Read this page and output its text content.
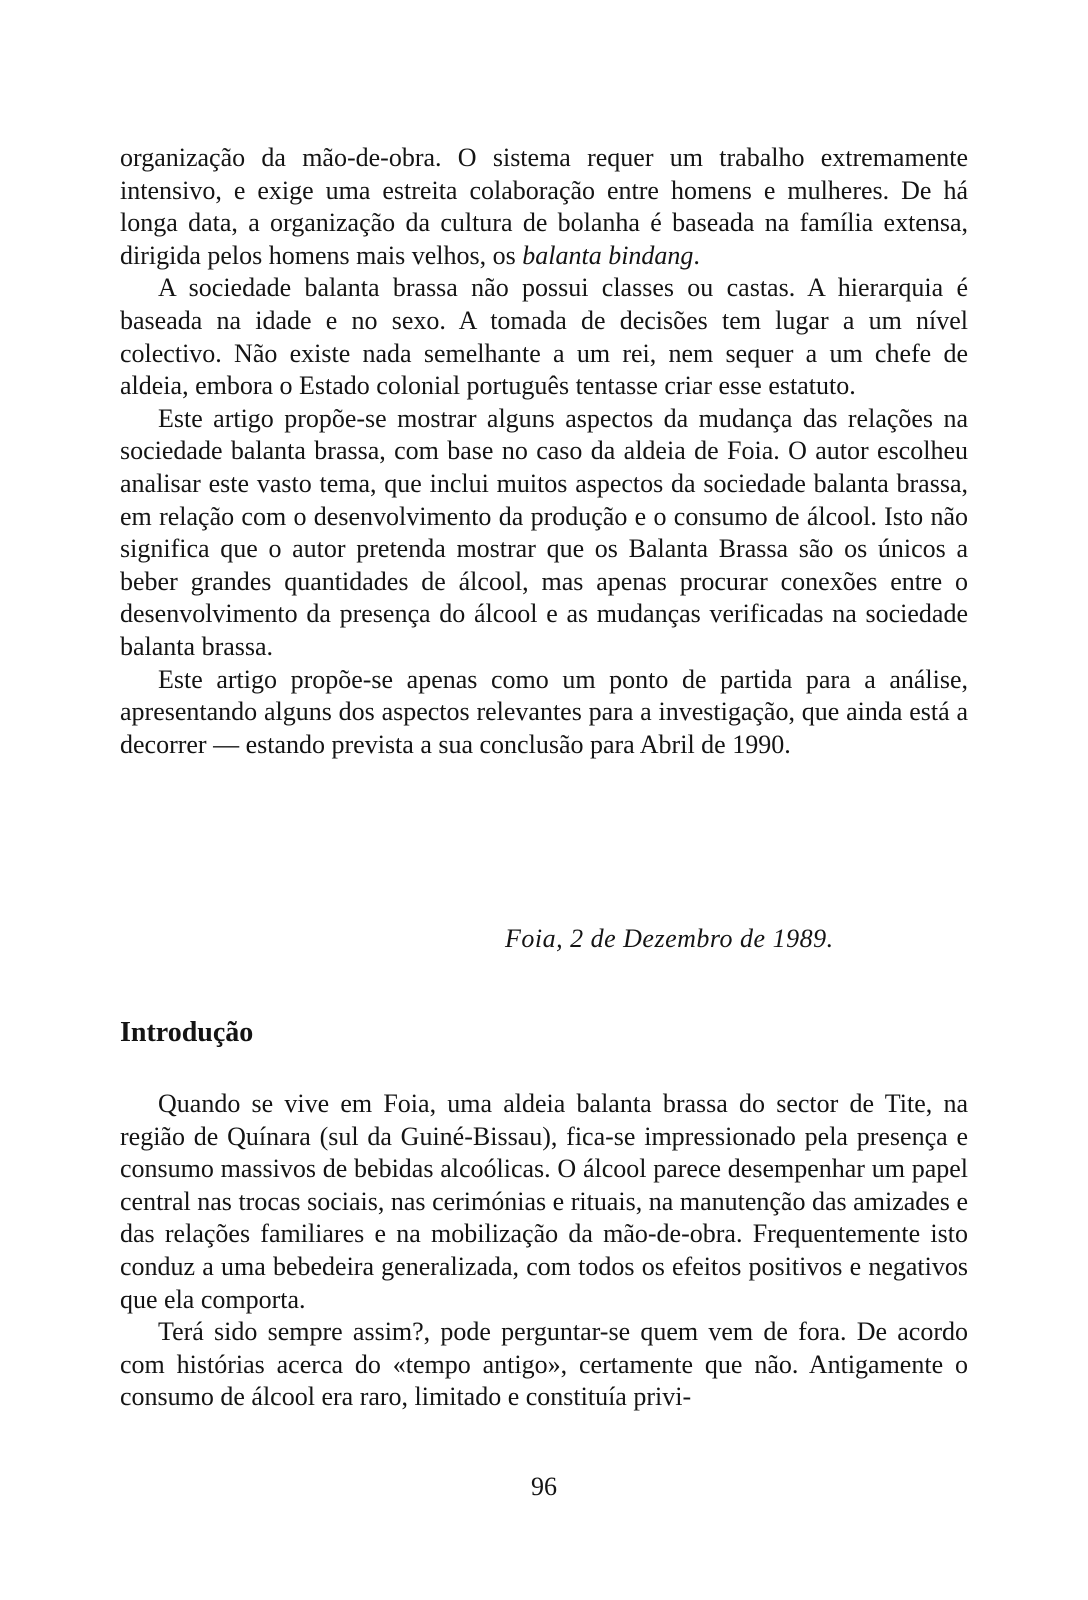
organização da mão-de-obra. O sistema requer um trabalho extremamente intensivo, e exige uma estreita colaboração entre homens e mulheres. De há longa data, a organização da cultura de bolanha é baseada na família extensa, dirigida pelos homens mais velhos, os balanta bindang.

A sociedade balanta brassa não possui classes ou castas. A hierarquia é baseada na idade e no sexo. A tomada de decisões tem lugar a um nível colectivo. Não existe nada semelhante a um rei, nem sequer a um chefe de aldeia, embora o Estado colonial português tentasse criar esse estatuto.

Este artigo propõe-se mostrar alguns aspectos da mudança das relações na sociedade balanta brassa, com base no caso da aldeia de Foia. O autor escolheu analisar este vasto tema, que inclui muitos aspectos da sociedade balanta brassa, em relação com o desenvolvimento da produção e o consumo de álcool. Isto não significa que o autor pretenda mostrar que os Balanta Brassa são os únicos a beber grandes quantidades de álcool, mas apenas procurar conexões entre o desenvolvimento da presença do álcool e as mudanças verificadas na sociedade balanta brassa.

Este artigo propõe-se apenas como um ponto de partida para a análise, apresentando alguns dos aspectos relevantes para a investigação, que ainda está a decorrer — estando prevista a sua conclusão para Abril de 1990.

Foia, 2 de Dezembro de 1989.
Introdução

Quando se vive em Foia, uma aldeia balanta brassa do sector de Tite, na região de Quínara (sul da Guiné-Bissau), fica-se impressionado pela presença e consumo massivos de bebidas alcoólicas. O álcool parece desempenhar um papel central nas trocas sociais, nas cerimónias e rituais, na manutenção das amizades e das relações familiares e na mobilização da mão-de-obra. Frequentemente isto conduz a uma bebedeira generalizada, com todos os efeitos positivos e negativos que ela comporta.

Terá sido sempre assim?, pode perguntar-se quem vem de fora. De acordo com histórias acerca do «tempo antigo», certamente que não. Antigamente o consumo de álcool era raro, limitado e constituía privi-

96
